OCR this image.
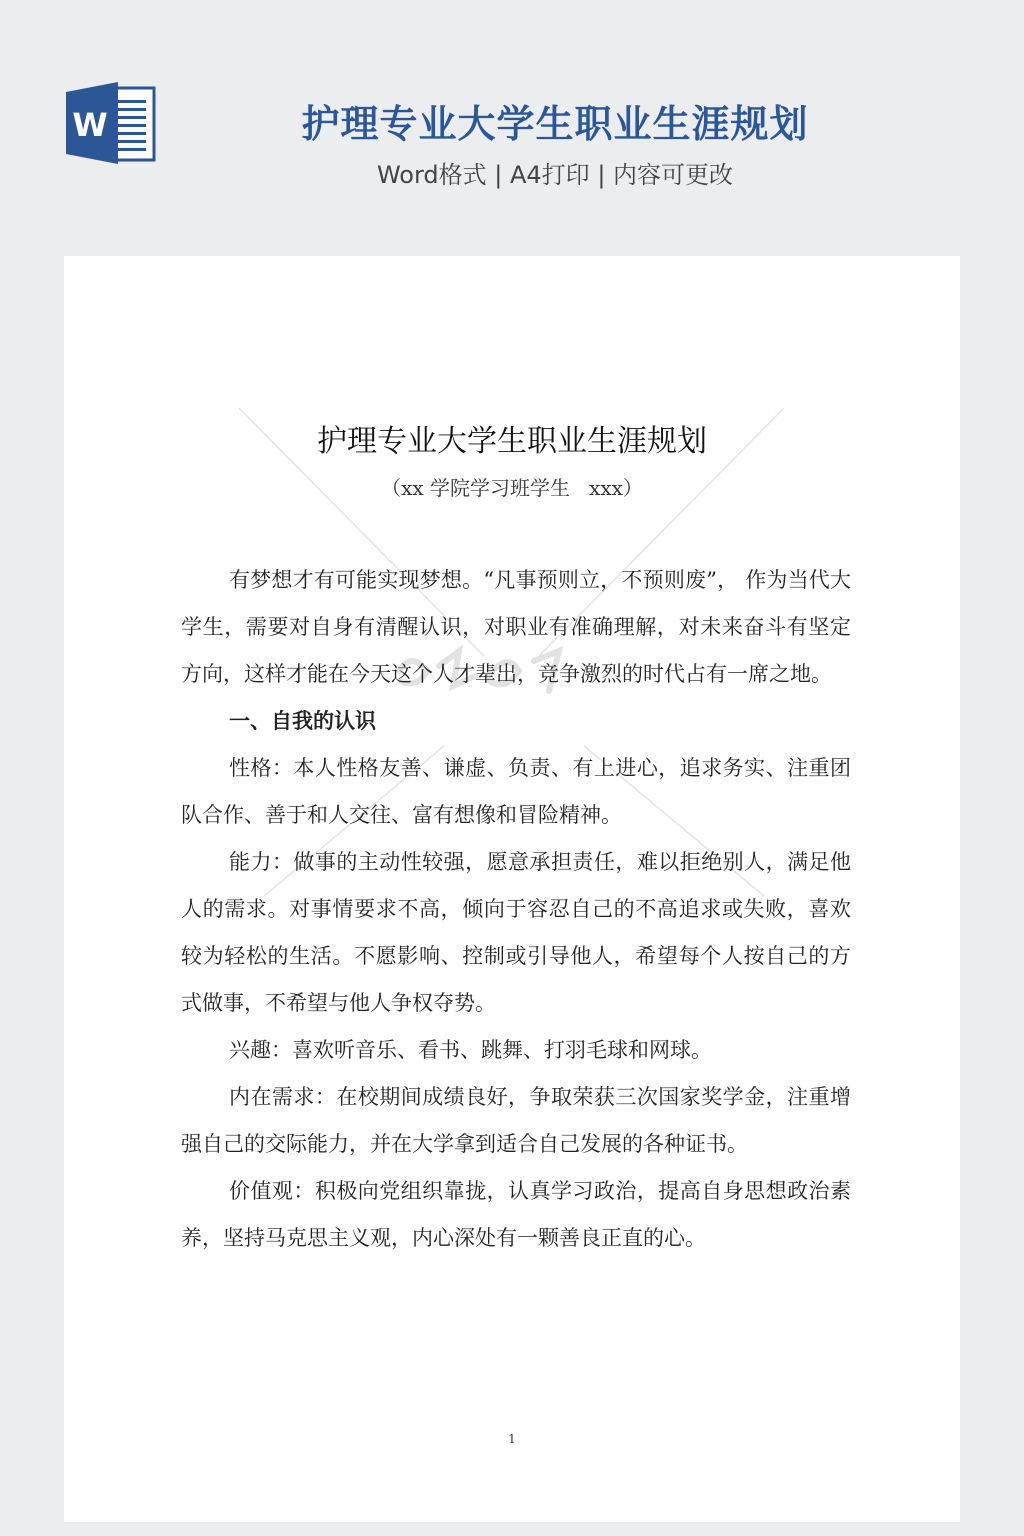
W	护理专业大学生职业生涯规划
Word格式 | A4打印 | 内容可更改
护理专业大学生职业生涯规划
（xx 学院学习班学生   xxx）

有梦想才有可能实现梦想。“凡事预则立，不预则废”， 作为当代大学生，需要对自身有清醒认识，对职业有准确理解，对未来奋斗有坚定方向，这样才能在今天这个人才辈出，竞争激烈的时代占有一席之地。

一、自我的认识

性格：本人性格友善、谦虚、负责、有上进心，追求务实、注重团队合作、善于和人交往、富有想像和冒险精神。

能力：做事的主动性较强，愿意承担责任，难以拒绝别人，满足他人的需求。对事情要求不高，倾向于容忍自己的不高追求或失败，喜欢较为轻松的生活。不愿影响、控制或引导他人，希望每个人按自己的方式做事，不希望与他人争权夺势。

兴趣：喜欢听音乐、看书、跳舞、打羽毛球和网球。

内在需求：在校期间成绩良好，争取荣获三次国家奖学金，注重增强自己的交际能力，并在大学拿到适合自己发展的各种证书。

价值观：积极向党组织靠拢，认真学习政治，提高自身思想政治素养，坚持马克思主义观，内心深处有一颗善良正直的心。

1
